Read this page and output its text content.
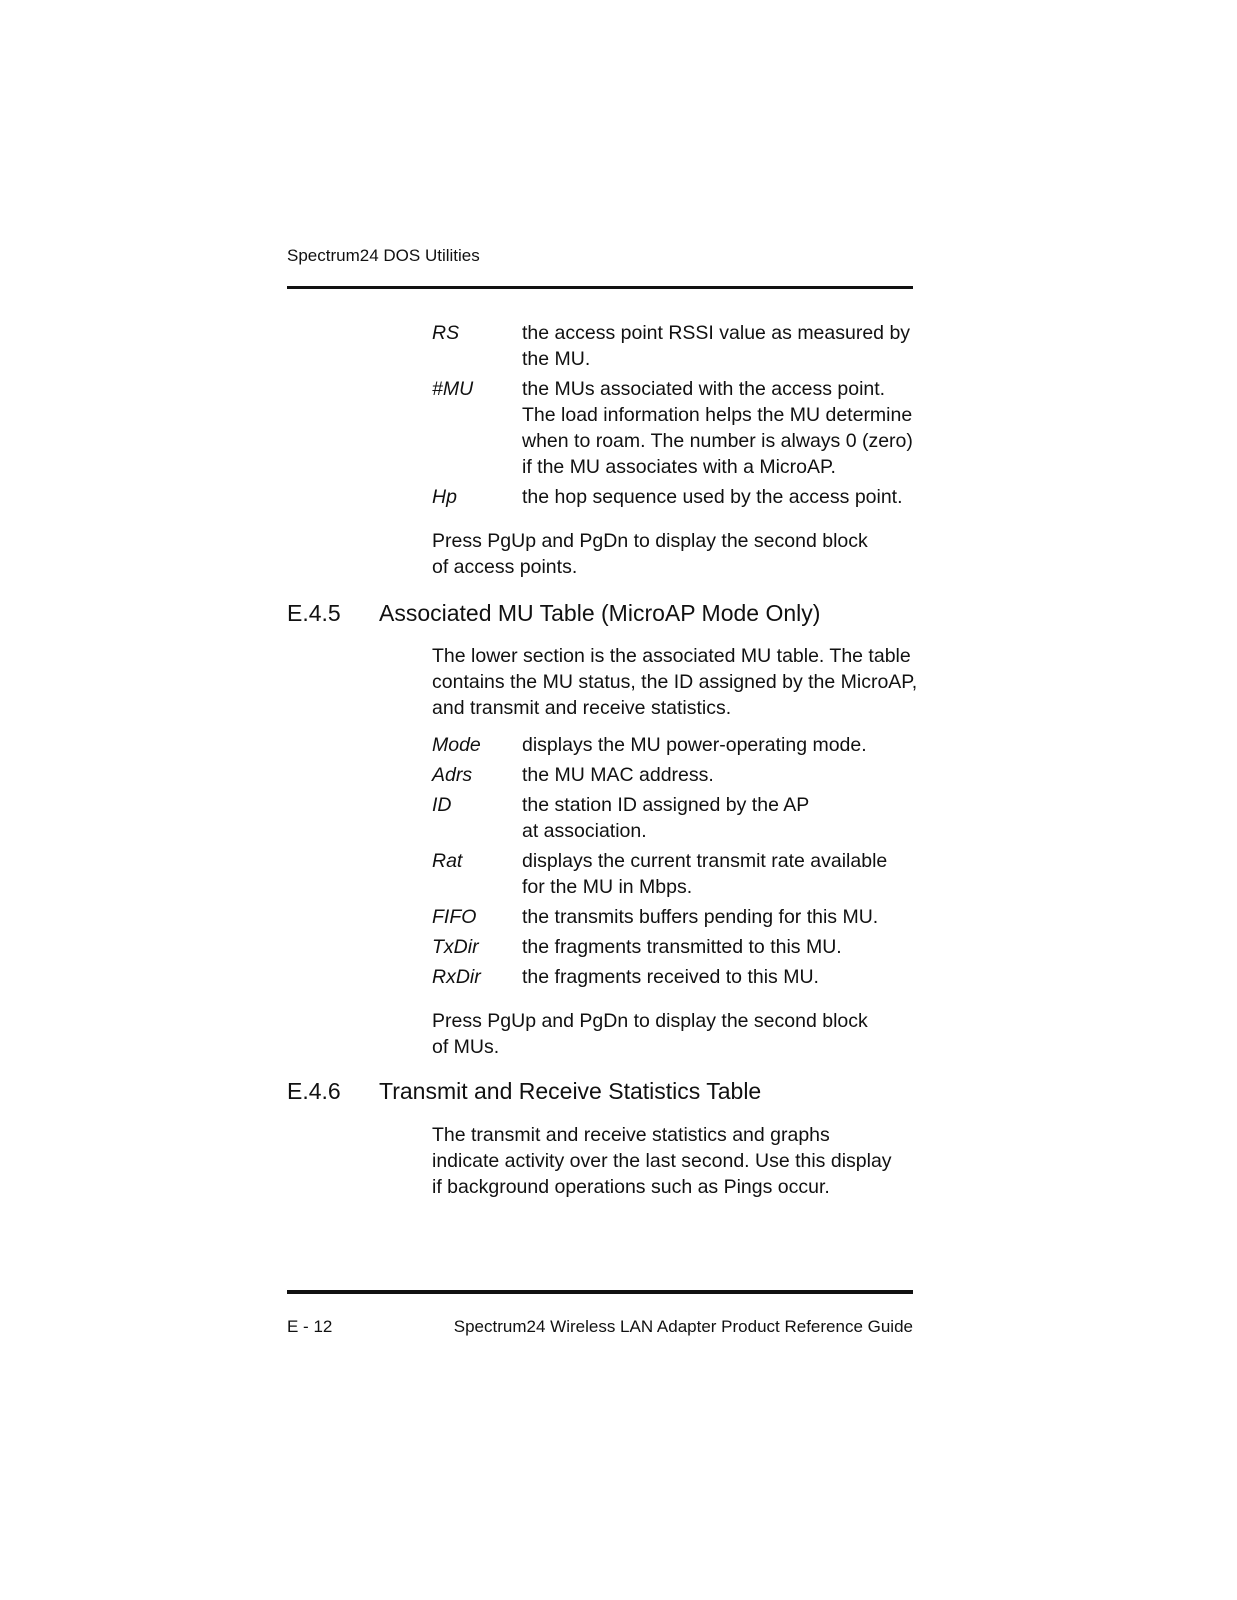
Spectrum24 DOS Utilities
RS	the access point RSSI value as measured by
the MU.
#MU	the MUs associated with the access point.
The load information helps the MU determine
when to roam. The number is always 0 (zero)
if the MU associates with a MicroAP.
Hp	the hop sequence used by the access point.
Press PgUp and PgDn to display the second block
of access points.
E.4.5 Associated MU Table (MicroAP Mode Only)
The lower section is the associated MU table. The table
contains the MU status, the ID assigned by the MicroAP,
and transmit and receive statistics.
Mode	displays the MU power-operating mode.
Adrs	the MU MAC address.
ID	the station ID assigned by the AP
at association.
Rat	displays the current transmit rate available
for the MU in Mbps.
FIFO	the transmits buffers pending for this MU.
TxDir	the fragments transmitted to this MU.
RxDir	the fragments received to this MU.
Press PgUp and PgDn to display the second block
of MUs.
E.4.6 Transmit and Receive Statistics Table
The transmit and receive statistics and graphs
indicate activity over the last second. Use this display
if background operations such as Pings occur.
E - 12	Spectrum24 Wireless LAN Adapter Product Reference Guide
